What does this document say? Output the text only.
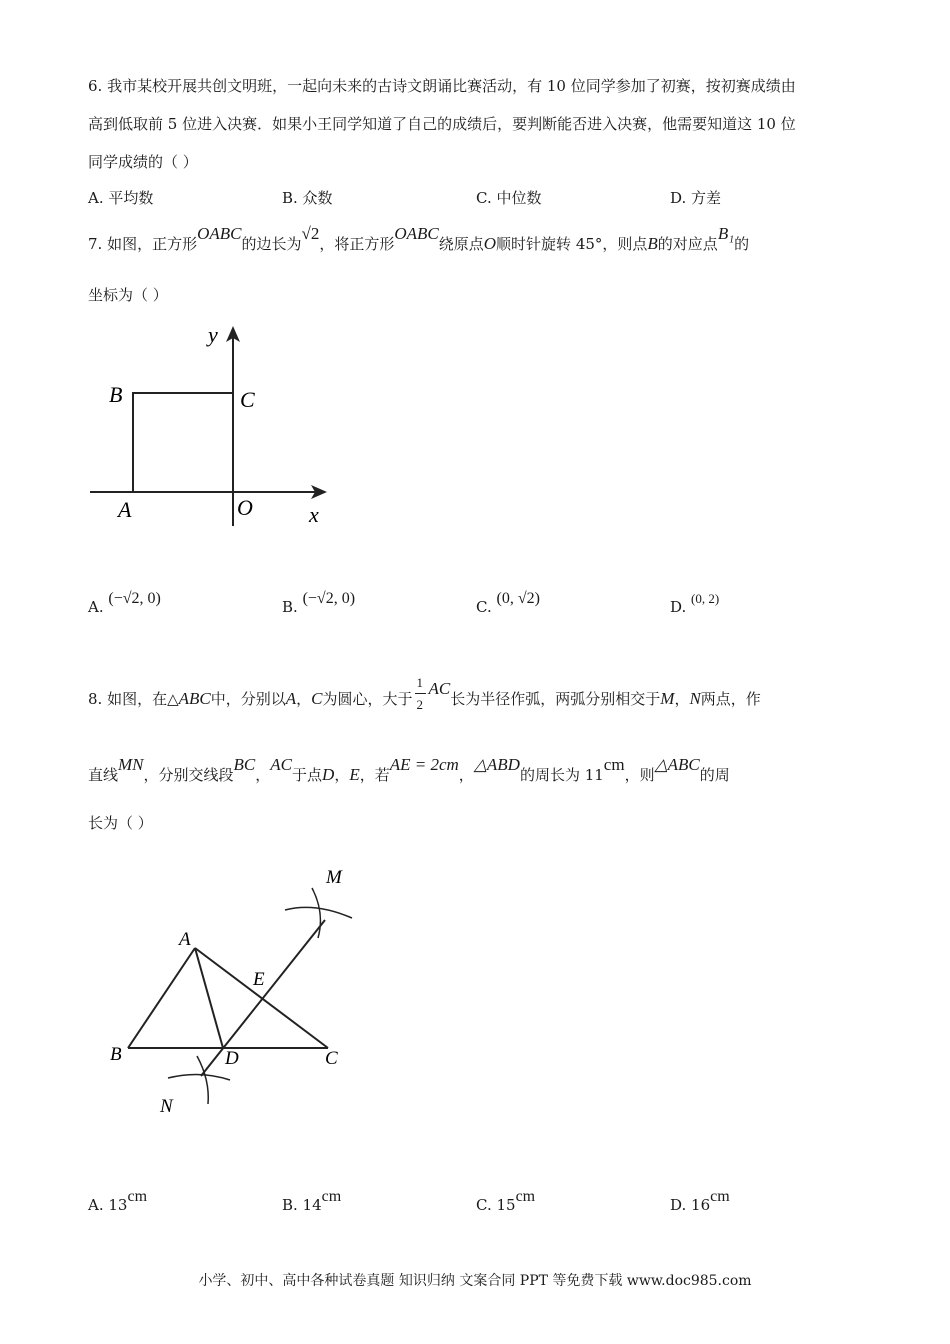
6. 我市某校开展共创文明班，一起向未来的古诗文朗诵比赛活动，有 10 位同学参加了初赛，按初赛成绩由
高到低取前 5 位进入决赛．如果小王同学知道了自己的成绩后，要判断能否进入决赛，他需要知道这 10 位
同学成绩的（ ）
A. 平均数	B. 众数	C. 中位数	D. 方差
7. 如图，正方形OABC的边长为√2，将正方形OABC绕原点O顺时针旋转 45°，则点B的对应点B₁的
坐标为（ ）
y
B	C
A	O	x
A. (−√2, 0)	B. (−√2, 0)	C. (0, √2)	D. (0, 2)
8. 如图，在△ABC中，分别以A，C为圆心，大于 $\frac{1}{2}$ AC长为半径作弧，两弧分别相交于M，N两点，作
直线MN，分别交线段BC，AC于点D，E，若AE = 2cm，△ABD的周长为 11cm，则△ABC的周
长为（ ）
M
A
E
B	D	C
N
A. 13cm	B. 14cm	C. 15cm	D. 16cm
小学、初中、高中各种试卷真题 知识归纳 文案合同 PPT 等免费下载 www.doc985.com
